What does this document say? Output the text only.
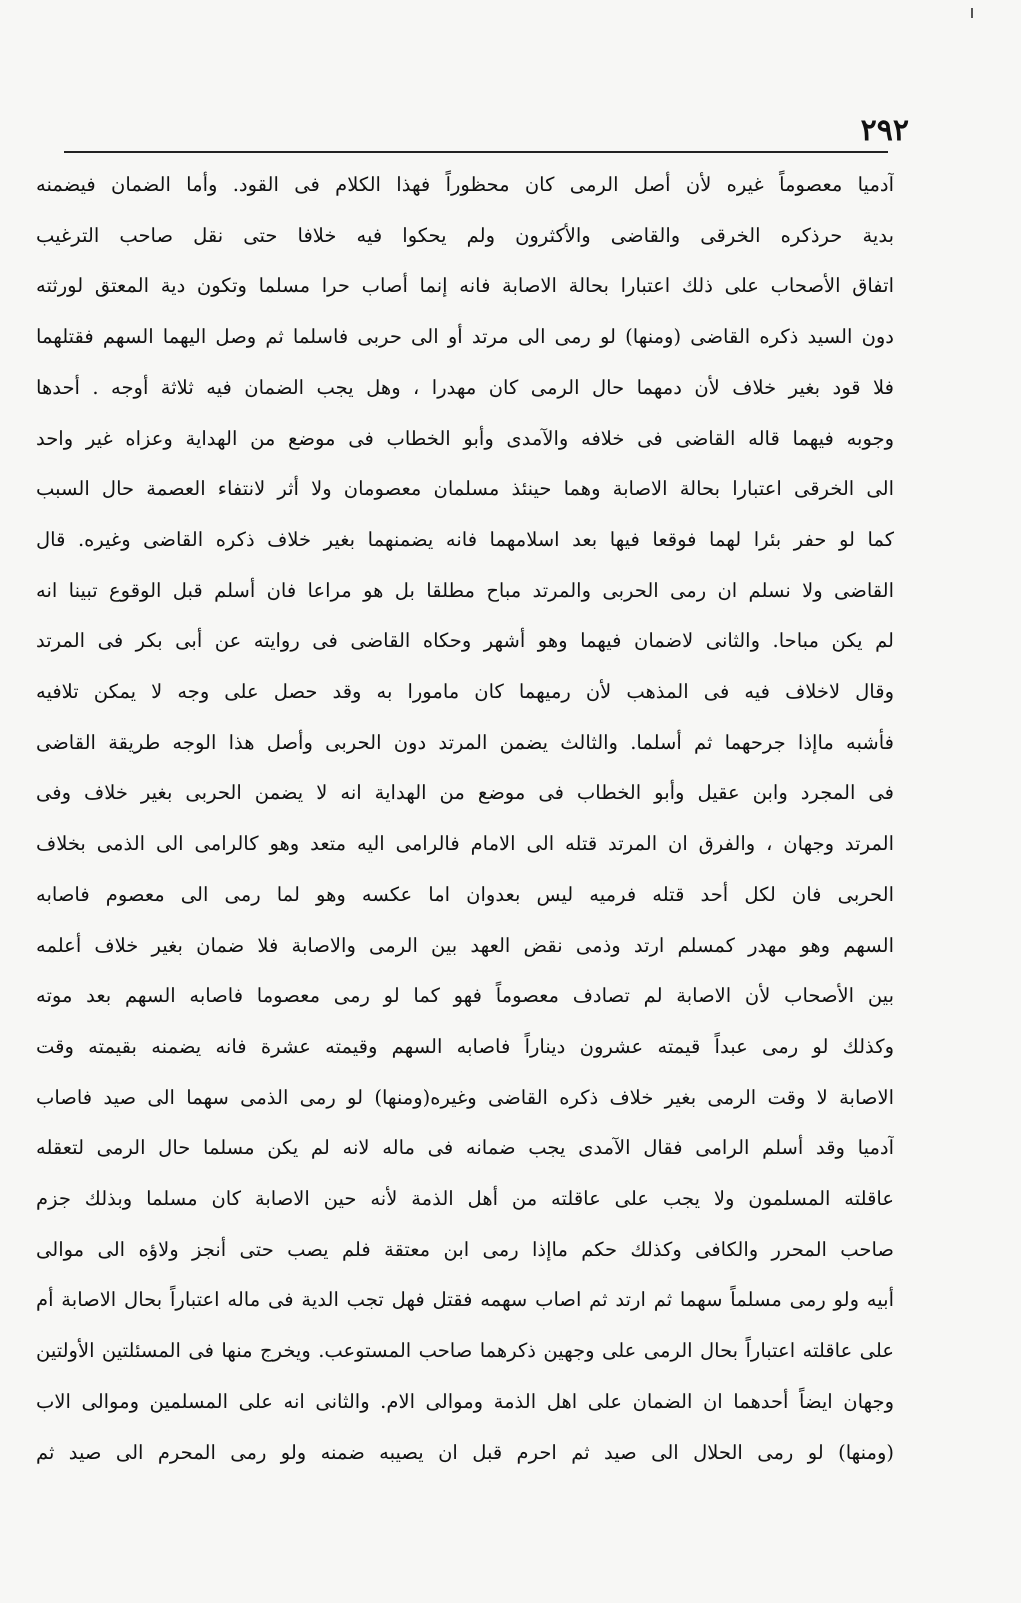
٢٩٢
آدميا معصوماً غيره لأن أصل الرمى كان محظوراً فهذا الكلام فى القود. وأما الضمان فيضمنه
بدية حرذكره الخرقى والقاضى والأكثرون ولم يحكوا فيه خلافا حتى نقل صاحب الترغيب
اتفاق الأصحاب على ذلك اعتبارا بحالة الاصابة فانه إنما أصاب حرا مسلما وتكون دية المعتق لورثته
دون السيد ذكره القاضى (ومنها) لو رمى الى مرتد أو الى حربى فاسلما ثم وصل اليهما السهم فقتلهما
فلا قود بغير خلاف لأن دمهما حال الرمى كان مهدرا ، وهل يجب الضمان فيه ثلاثة أوجه . أحدها
وجوبه فيهما قاله القاضى فى خلافه والآمدى وأبو الخطاب فى موضع من الهداية وعزاه غير واحد
الى الخرقى اعتبارا بحالة الاصابة وهما حينئذ مسلمان معصومان ولا أثر لانتفاء العصمة حال السبب
كما لو حفر بئرا لهما فوقعا فيها بعد اسلامهما فانه يضمنهما بغير خلاف ذكره القاضى وغيره. قال
القاضى ولا نسلم ان رمى الحربى والمرتد مباح مطلقا بل هو مراعا فان أسلم قبل الوقوع تبينا انه
لم يكن مباحا. والثانى لاضمان فيهما وهو أشهر وحكاه القاضى فى روايته عن أبى بكر فى المرتد
وقال لاخلاف فيه فى المذهب لأن رميهما كان مامورا به وقد حصل على وجه لا يمكن تلافيه
فأشبه ماإذا جرحهما ثم أسلما. والثالث يضمن المرتد دون الحربى وأصل هذا الوجه طريقة القاضى
فى المجرد وابن عقيل وأبو الخطاب فى موضع من الهداية انه لا يضمن الحربى بغير خلاف وفى
المرتد وجهان ، والفرق ان المرتد قتله الى الامام فالرامى اليه متعد وهو كالرامى الى الذمى بخلاف
الحربى فان لكل أحد قتله فرميه ليس بعدوان اما عكسه وهو لما رمى الى معصوم فاصابه
السهم وهو مهدر كمسلم ارتد وذمى نقض العهد بين الرمى والاصابة فلا ضمان بغير خلاف أعلمه
بين الأصحاب لأن الاصابة لم تصادف معصوماً فهو كما لو رمى معصوما فاصابه السهم بعد موته
وكذلك لو رمى عبداً قيمته عشرون ديناراً فاصابه السهم وقيمته عشرة فانه يضمنه بقيمته وقت
الاصابة لا وقت الرمى بغير خلاف ذكره القاضى وغيره(ومنها) لو رمى الذمى سهما الى صيد فاصاب
آدميا وقد أسلم الرامى فقال الآمدى يجب ضمانه فى ماله لانه لم يكن مسلما حال الرمى لتعقله
عاقلته المسلمون ولا يجب على عاقلته من أهل الذمة لأنه حين الاصابة كان مسلما وبذلك جزم
صاحب المحرر والكافى وكذلك حكم ماإذا رمى ابن معتقة فلم يصب حتى أنجز ولاؤه الى موالى
أبيه ولو رمى مسلماً سهما ثم ارتد ثم اصاب سهمه فقتل فهل تجب الدية فى ماله اعتباراً بحال الاصابة أم
على عاقلته اعتباراً بحال الرمى على وجهين ذكرهما صاحب المستوعب. ويخرج منها فى المسئلتين الأولتين
وجهان ايضاً أحدهما ان الضمان على اهل الذمة وموالى الام. والثانى انه على المسلمين وموالى الاب
(ومنها) لو رمى الحلال الى صيد ثم احرم قبل ان يصيبه ضمنه ولو رمى المحرم الى صيد ثم
